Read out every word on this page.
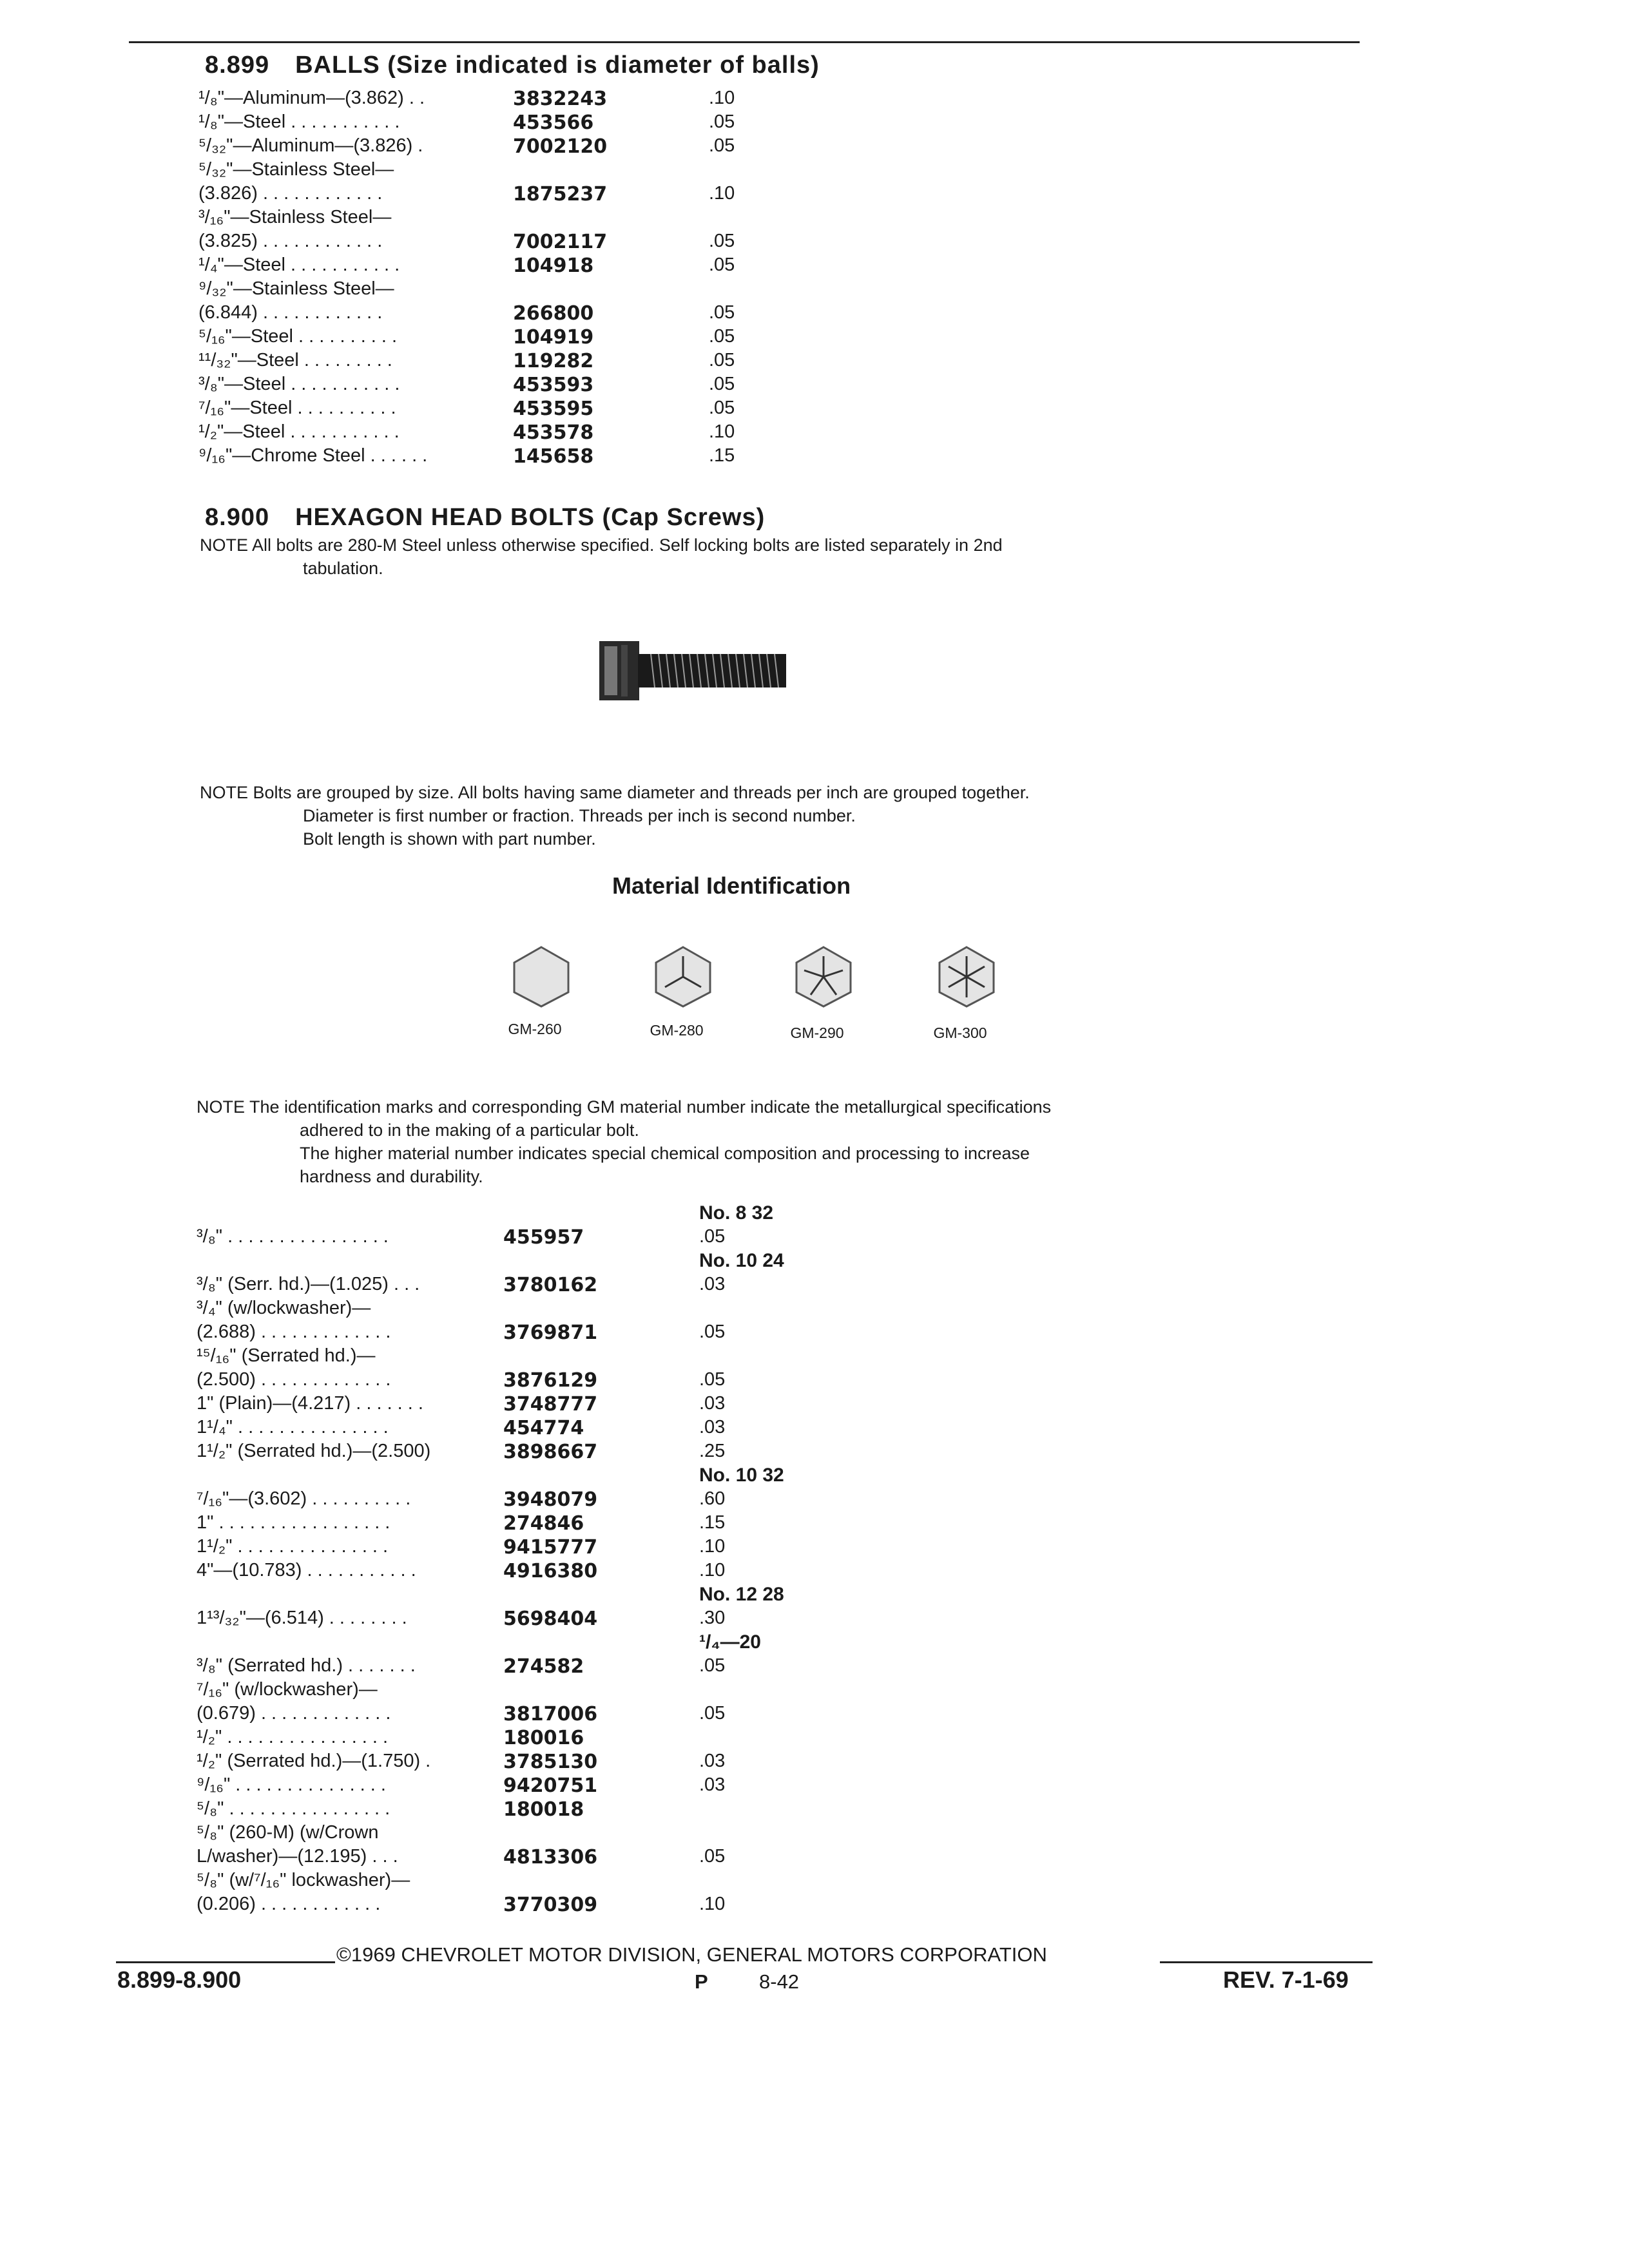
8.899 BALLS (Size indicated is diameter of balls)
¹/₈"—Aluminum—(3.862) . .	3832243	.10
¹/₈"—Steel . . . . . . . . . . .	453566	.05
⁵/₃₂"—Aluminum—(3.826) .	7002120	.05
⁵/₃₂"—Stainless Steel—
(3.826) . . . . . . . . . . . .	1875237	.10
³/₁₆"—Stainless Steel—
(3.825) . . . . . . . . . . . .	7002117	.05
¹/₄"—Steel . . . . . . . . . . .	104918	.05
⁹/₃₂"—Stainless Steel—
(6.844) . . . . . . . . . . . .	266800	.05
⁵/₁₆"—Steel . . . . . . . . . .	104919	.05
¹¹/₃₂"—Steel . . . . . . . . .	119282	.05
³/₈"—Steel . . . . . . . . . . .	453593	.05
⁷/₁₆"—Steel . . . . . . . . . .	453595	.05
¹/₂"—Steel . . . . . . . . . . .	453578	.10
⁹/₁₆"—Chrome Steel . . . . . .	145658	.15
8.900 HEXAGON HEAD BOLTS (Cap Screws)
NOTE All bolts are 280-M Steel unless otherwise specified. Self locking bolts are listed separately in 2nd
tabulation.
NOTE Bolts are grouped by size. All bolts having same diameter and threads per inch are grouped together.
Diameter is first number or fraction. Threads per inch is second number.
Bolt length is shown with part number.
Material Identification
GM-260	GM-280	GM-290	GM-300
NOTE The identification marks and corresponding GM material number indicate the metallurgical specifications
adhered to in the making of a particular bolt.
The higher material number indicates special chemical composition and processing to increase
hardness and durability.
No. 8 32
³/₈" . . . . . . . . . . . . . . . .	455957	.05
No. 10 24
³/₈" (Serr. hd.)—(1.025) . . .	3780162	.03
³/₄" (w/lockwasher)—
(2.688) . . . . . . . . . . . . .	3769871	.05
¹⁵/₁₆" (Serrated hd.)—
(2.500) . . . . . . . . . . . . .	3876129	.05
1" (Plain)—(4.217) . . . . . . .	3748777	.03
1¹/₄" . . . . . . . . . . . . . . .	454774	.03
1¹/₂" (Serrated hd.)—(2.500)	3898667	.25
No. 10 32
⁷/₁₆"—(3.602) . . . . . . . . . .	3948079	.60
1" . . . . . . . . . . . . . . . . .	274846	.15
1¹/₂" . . . . . . . . . . . . . . .	9415777	.10
4"—(10.783) . . . . . . . . . . .	4916380	.10
No. 12 28
1¹³/₃₂"—(6.514) . . . . . . . .	5698404	.30
¹/₄—20
³/₈" (Serrated hd.) . . . . . . .	274582	.05
⁷/₁₆" (w/lockwasher)—
(0.679) . . . . . . . . . . . . .	3817006	.05
¹/₂" . . . . . . . . . . . . . . . .	180016
¹/₂" (Serrated hd.)—(1.750) .	3785130	.03
⁹/₁₆" . . . . . . . . . . . . . . .	9420751	.03
⁵/₈" . . . . . . . . . . . . . . . .	180018
⁵/₈" (260-M) (w/Crown
L/washer)—(12.195) . . .	4813306	.05
⁵/₈" (w/⁷/₁₆" lockwasher)—
(0.206) . . . . . . . . . . . .	3770309	.10
©1969 CHEVROLET MOTOR DIVISION, GENERAL MOTORS CORPORATION
8.899-8.900	P	8-42	REV. 7-1-69
